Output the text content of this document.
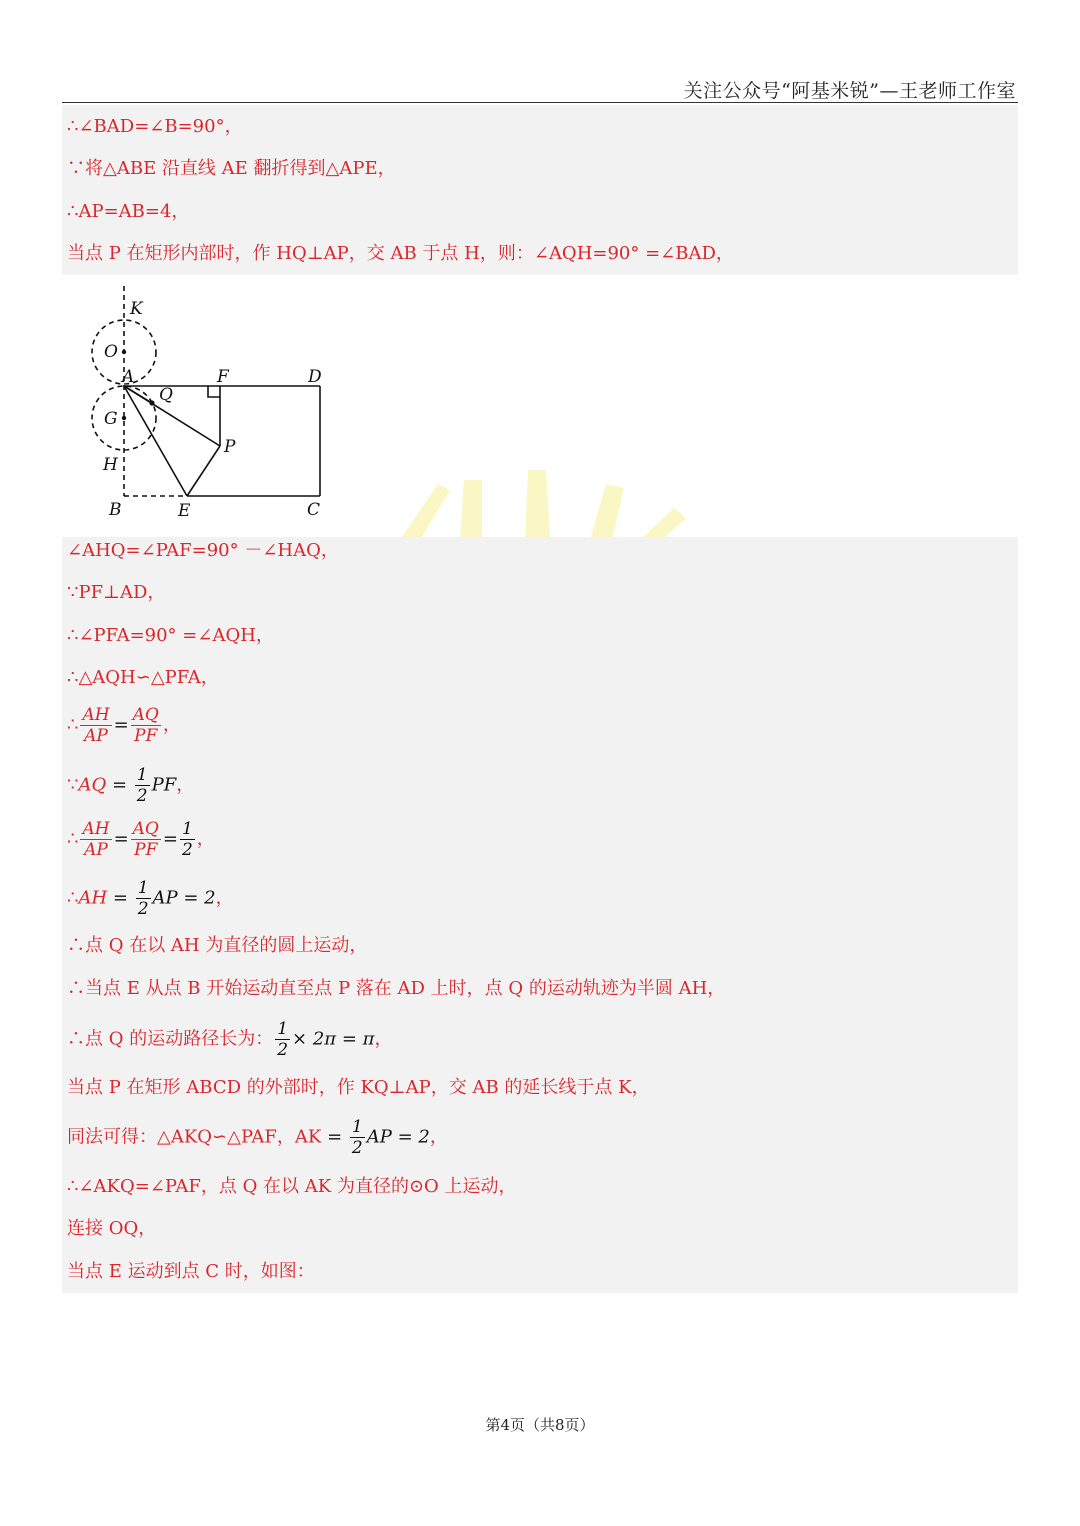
关注公众号“阿基米锐”—王老师工作室
∴∠BAD=∠B=90°，
∵将△ABE 沿直线 AE 翻折得到△APE，
∴AP=AB=4，
当点 P 在矩形内部时，作 HQ⊥AP，交 AB 于点 H，则：∠AQH=90° =∠BAD，
K
O
A
Q
F	D
G
P
H
B	E	C
∠AHQ=∠PAF=90° －∠HAQ，
∵PF⊥AD，
∴∠PFA=90° =∠AQH，
∴△AQH∽△PFA，
∴ $\frac{AH}{AP} = \frac{AQ}{PF}$ ，
∵AQ = $\frac{1}{2}$ PF，
∴ $\frac{AH}{AP} = \frac{AQ}{PF} = \frac{1}{2}$ ，
∴AH = $\frac{1}{2}$ AP = 2，
∴点 Q 在以 AH 为直径的圆上运动，
∴当点 E 从点 B 开始运动直至点 P 落在 AD 上时，点 Q 的运动轨迹为半圆 AH，
∴点 Q 的运动路径长为： $\frac{1}{2} \times 2\pi = \pi$，
当点 P 在矩形 ABCD 的外部时，作 KQ⊥AP，交 AB 的延长线于点 K，
同法可得：△AKQ∽△PAF，AK = $\frac{1}{2}$ AP = 2，
∴∠AKQ=∠PAF，点 Q 在以 AK 为直径的⊙O 上运动，
连接 OQ，
当点 E 运动到点 C 时，如图：
第4页（共8页）
